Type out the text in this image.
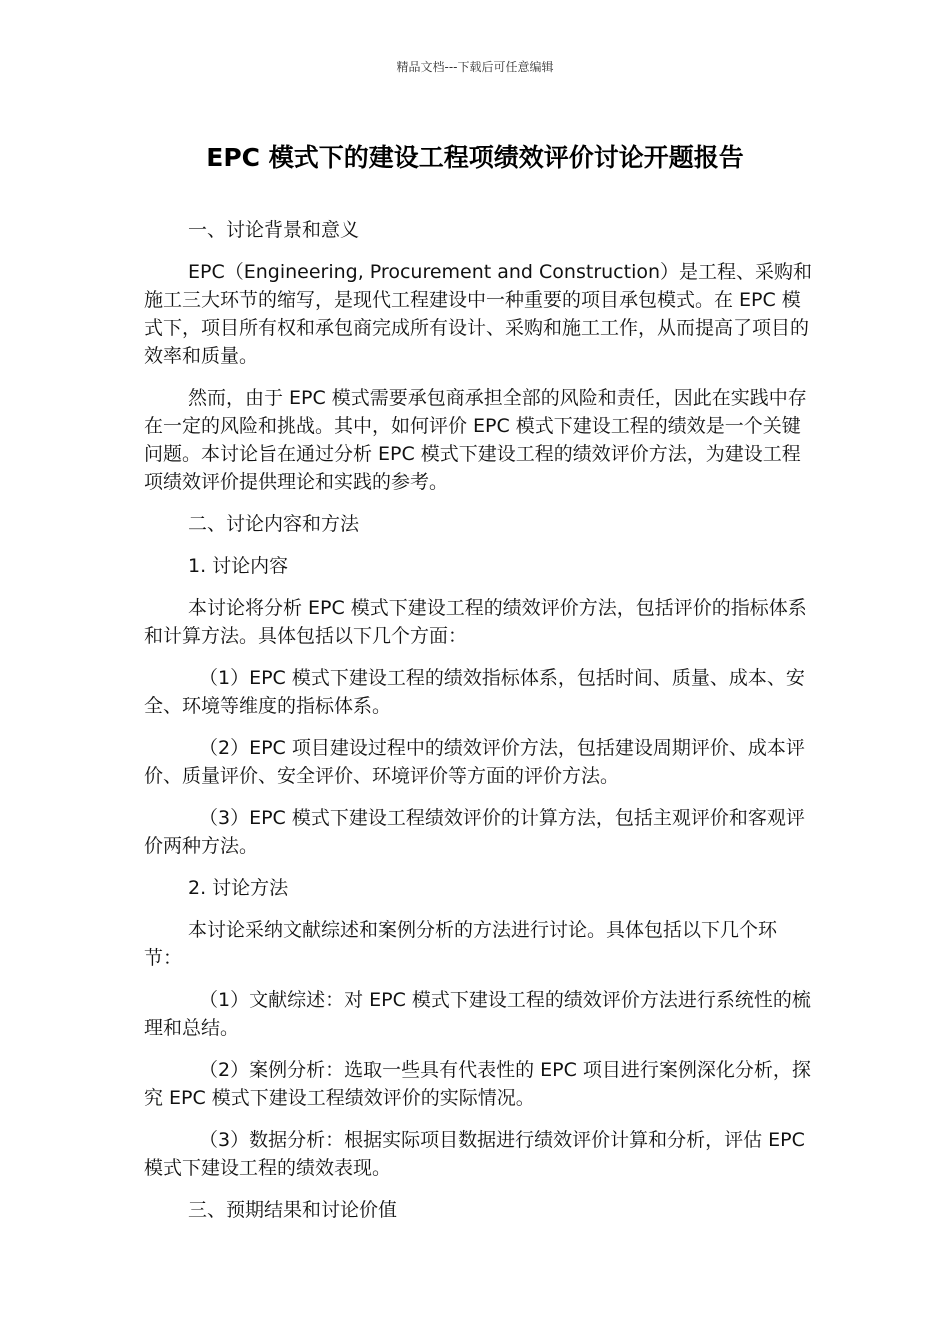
精品文档---下载后可任意编辑
EPC 模式下的建设工程项绩效评价讨论开题报告

一、讨论背景和意义

EPC（Engineering, Procurement and Construction）是工程、采购和施工三大环节的缩写，是现代工程建设中一种重要的项目承包模式。在 EPC 模式下，项目所有权和承包商完成所有设计、采购和施工工作，从而提高了项目的效率和质量。

然而，由于 EPC 模式需要承包商承担全部的风险和责任，因此在实践中存在一定的风险和挑战。其中，如何评价 EPC 模式下建设工程的绩效是一个关键问题。本讨论旨在通过分析 EPC 模式下建设工程的绩效评价方法，为建设工程项绩效评价提供理论和实践的参考。

二、讨论内容和方法

1. 讨论内容

本讨论将分析 EPC 模式下建设工程的绩效评价方法，包括评价的指标体系和计算方法。具体包括以下几个方面：

（1）EPC 模式下建设工程的绩效指标体系，包括时间、质量、成本、安全、环境等维度的指标体系。

（2）EPC 项目建设过程中的绩效评价方法，包括建设周期评价、成本评价、质量评价、安全评价、环境评价等方面的评价方法。

（3）EPC 模式下建设工程绩效评价的计算方法，包括主观评价和客观评价两种方法。

2. 讨论方法

本讨论采纳文献综述和案例分析的方法进行讨论。具体包括以下几个环节：

（1）文献综述：对 EPC 模式下建设工程的绩效评价方法进行系统性的梳理和总结。

（2）案例分析：选取一些具有代表性的 EPC 项目进行案例深化分析，探究 EPC 模式下建设工程绩效评价的实际情况。

（3）数据分析：根据实际项目数据进行绩效评价计算和分析，评估 EPC 模式下建设工程的绩效表现。

三、预期结果和讨论价值
